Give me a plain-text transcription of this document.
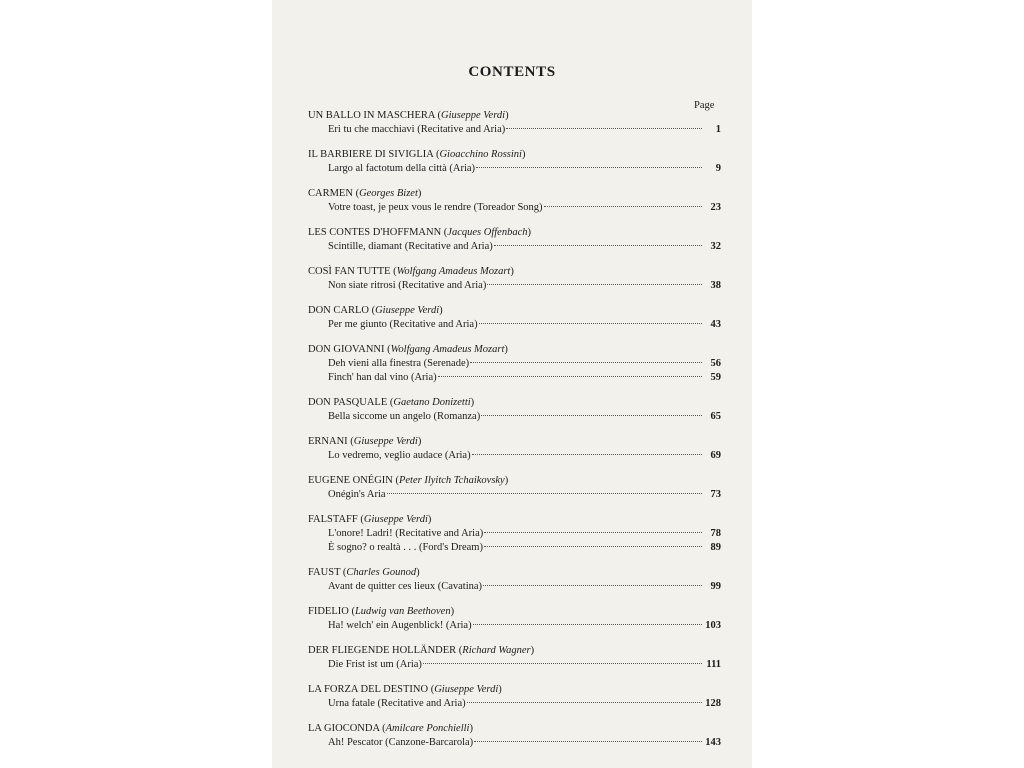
CONTENTS
Page
UN BALLO IN MASCHERA (Giuseppe Verdi)
Eri tu che macchiavi (Recitative and Aria)	1
IL BARBIERE DI SIVIGLIA (Gioacchino Rossini)
Largo al factotum della città (Aria)	9
CARMEN (Georges Bizet)
Votre toast, je peux vous le rendre (Toreador Song)	23
LES CONTES D'HOFFMANN (Jacques Offenbach)
Scintille, diamant (Recitative and Aria)	32
COSÌ FAN TUTTE (Wolfgang Amadeus Mozart)
Non siate ritrosi (Recitative and Aria)	38
DON CARLO (Giuseppe Verdi)
Per me giunto (Recitative and Aria)	43
DON GIOVANNI (Wolfgang Amadeus Mozart)
Deh vieni alla finestra (Serenade)	56
Finch' han dal vino (Aria)	59
DON PASQUALE (Gaetano Donizetti)
Bella siccome un angelo (Romanza)	65
ERNANI (Giuseppe Verdi)
Lo vedremo, veglio audace (Aria)	69
EUGENE ONÉGIN (Peter Ilyitch Tchaikovsky)
Onégin's Aria	73
FALSTAFF (Giuseppe Verdi)
L'onore! Ladri! (Recitative and Aria)	78
È sogno? o realtà . . . (Ford's Dream)	89
FAUST (Charles Gounod)
Avant de quitter ces lieux (Cavatina)	99
FIDELIO (Ludwig van Beethoven)
Ha! welch' ein Augenblick! (Aria)	103
DER FLIEGENDE HOLLÄNDER (Richard Wagner)
Die Frist ist um (Aria)	111
LA FORZA DEL DESTINO (Giuseppe Verdi)
Urna fatale (Recitative and Aria)	128
LA GIOCONDA (Amilcare Ponchielli)
Ah! Pescator (Canzone-Barcarola)	143
